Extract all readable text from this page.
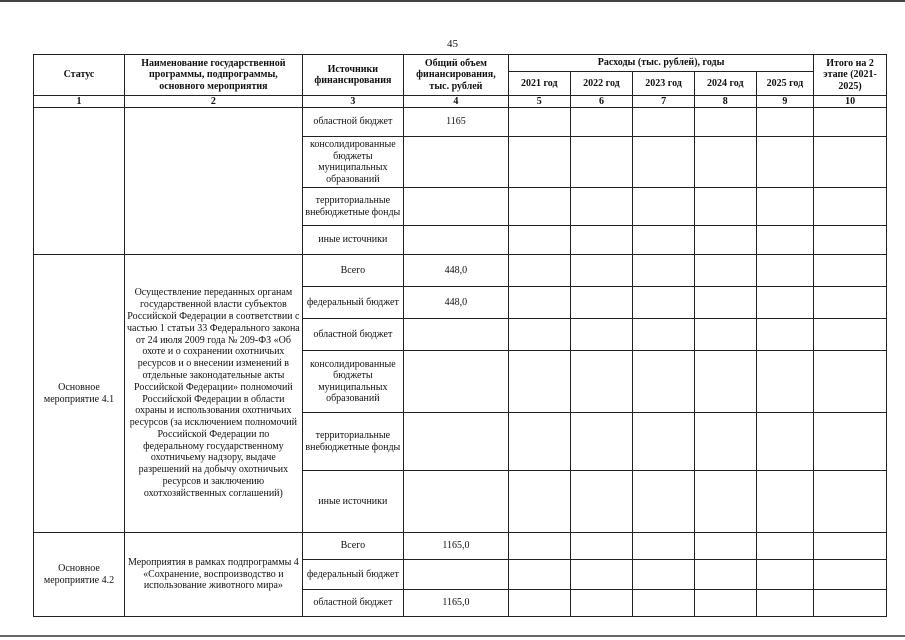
45
Статус	Наименование государственной программы, подпрограммы, основного мероприятия	Источники финансирования	Общий объем финансирования, тыс. рублей	Расходы (тыс. рублей), годы					Итого на 2 этапе (2021-2025)
				2021 год	2022 год	2023 год	2024 год	2025 год	
1	2	3	4	5	6	7	8	9	10
		областной бюджет	1165						
		консолидированные бюджеты муниципальных образований							
		территориальные внебюджетные фонды							
		иные источники							
Основное мероприятие 4.1	Осуществление переданных органам государственной власти субъектов Российской Федерации в соответствии с частью 1 статьи 33 Федерального закона от 24 июля 2009 года № 209-ФЗ «Об охоте и о сохранении охотничьих ресурсов и о внесении изменений в отдельные законодательные акты Российской Федерации» полномочий Российской Федерации в области охраны и использования охотничьих ресурсов (за исключением полномочий Российской Федерации по федеральному государственному охотничьему надзору, выдаче разрешений на добычу охотничьих ресурсов и заключению охотхозяйственных соглашений)	Всего	448,0						
		федеральный бюджет	448,0						
		областной бюджет							
		консолидированные бюджеты муниципальных образований							
		территориальные внебюджетные фонды							
		иные источники							
Основное мероприятие 4.2	Мероприятия в рамках подпрограммы 4 «Сохранение, воспроизводство и использование животного мира»	Всего	1165,0						
		федеральный бюджет							
		областной бюджет	1165,0						
